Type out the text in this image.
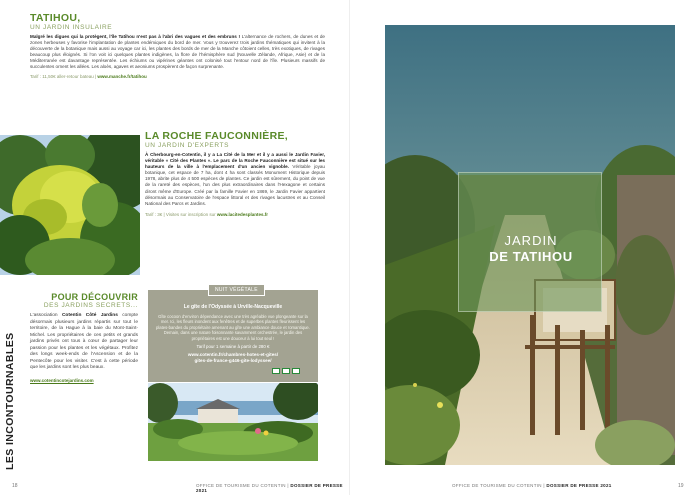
TATIHOU,
UN JARDIN INSULAIRE
Malgré les digues qui la protègent, l'île Tatihou n'est pas à l'abri des vagues et des embruns ! L'alternance de rochers, de dunes et de zones herbeuses y favorise l'implantation de plantes endémiques du bord de mer. Vous y trouverez trois jardins thématiques qui invitent à la découverte de la botanique mais aussi au voyage car ici, les plantes des bords de mer de la Manche côtoient celles, très exotiques, de rivages beaucoup plus éloignés. Si l'on voit ici quelques plantes indigènes, la flore de l'hémisphère sud (Nouvelle Zélande, Afrique, Asie) et de la Méditerranée est davantage représentée. Les échiums ou vipérines géantes ont colonisé tout l'entour nord de l'île. Plusieurs massifs de succulentes ornent les allées. Les aloès, agaves et aeoniums prospèrent de façon surprenante.
Tarif : 11,50€ aller-retour bateau | www.manche.fr/tatihou
LA ROCHE FAUCONNIÈRE,
UN JARDIN D'EXPERTS
À Cherbourg-en-Cotentin, il y a La Cité de la Mer et il y a aussi le Jardin Favier, véritable « Cité des Plantes ». Le parc de la Roche Fauconnière est situé sur les hauteurs de la ville à l'emplacement d'un ancien vignoble. Véritable joyau botanique, cet espace de 7 ha, dont 4 ha sont classés Monument Historique depuis 1978, abrite plus de 4 500 espèces de plantes. Ce jardin est sûrement, du point de vue de la rareté des espèces, l'un des plus extraordinaires dans l'Hexagone et certains diront même d'Europe. Créé par la famille Favier en 1869, le Jardin Favier appartient désormais au Conservatoire de l'espace littoral et des rivages lacustres et au Conseil National des Parcs et Jardins.
Tarif : 3€ | Visites sur inscription sur www.lacitedesplantes.fr
POUR DÉCOUVRIR
DES JARDINS SECRETS...
L'association Cotentin Côté Jardins compte désormais plusieurs jardins répartis sur tout le territoire, de la Hague à la baie du Mont-Saint-Michel. Les propriétaires de ces petits et grands jardins privés ont tous à cœur de partager leur passion pour les plantes et les végétaux. Profitez des longs week-ends de l'Ascension et de la Pentecôte pour les visiter. C'est à cette période que les jardins sont les plus beaux.
www.cotentincotejardins.com
LES INCONTOURNABLES
NUIT VÉGÉTALE
Le gîte de l'Odyssée à Urville-Nacqueville
Gîte cocoon d'environ dépendance avec une très agréable vue plongeante sur la mer. Ici, les fleurs inondent aux fenêtres et de superbes plantes fleurissent les plates-bandes du propriétaire amenant au gîte une ambiance douce et romantique. Demain, dans une nature foisonnante savamment orchestrée, le jardin des propriétaires est une douceur à lui tout seul !
Tarif pour 1 semaine à partir de 280 €
www.cotentin.fr/chambres-hotes-et-gites/
gites-de-france-g446-gite-lodyssee/
18	OFFICE DE TOURISME DU COTENTIN | DOSSIER DE PRESSE 2021
OFFICE DE TOURISME DU COTENTIN | DOSSIER DE PRESSE 2021	19
JARDIN
DE TATIHOU
